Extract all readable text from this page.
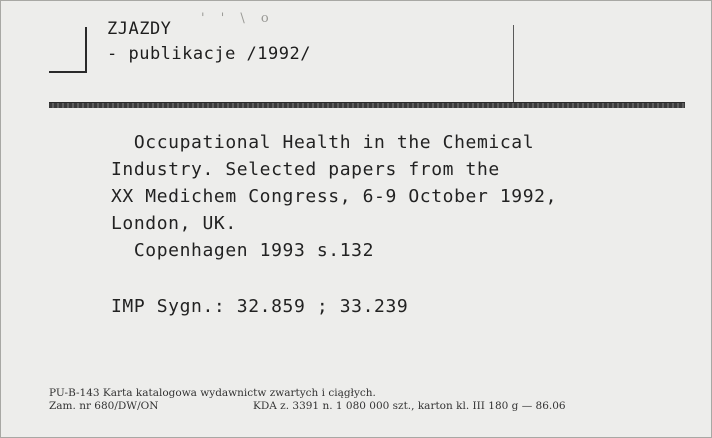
' ' \ o
ZJAZDY
- publikacje /1992/
Occupational Health in the Chemical
Industry. Selected papers from the
XX Medichem Congress, 6-9 October 1992,
London, UK.
Copenhagen 1993 s.132
IMP Sygn.: 32.859 ; 33.239
PU-B-143 Karta katalogowa wydawnictw zwartych i ciągłych.
Zam. nr 680/DW/ON	KDA z. 3391 n. 1 080 000 szt., karton kl. III 180 g — 86.06
